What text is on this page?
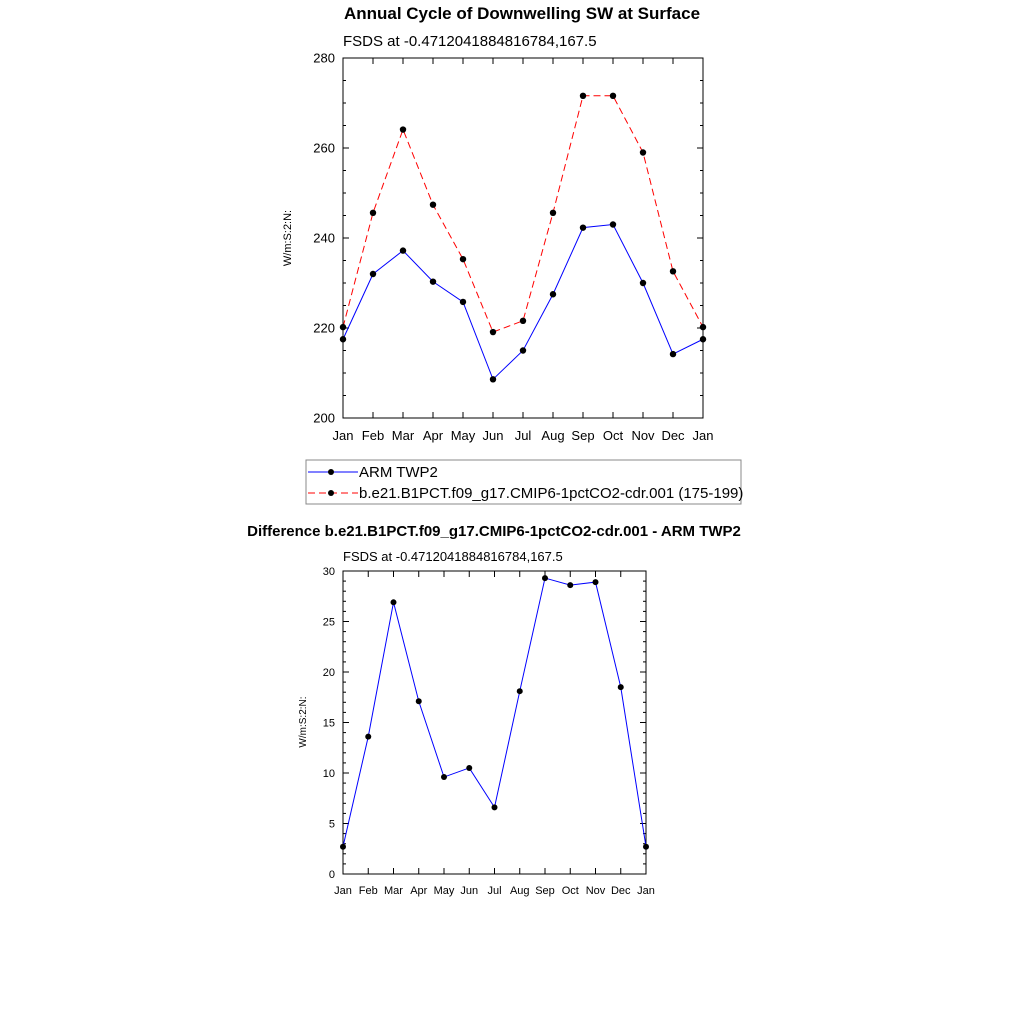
Annual Cycle of Downwelling SW at Surface
FSDS at -0.4712041884816784,167.5
W/m:S:2:N:
200
220
240
260
280
Jan Feb Mar Apr May Jun Jul Aug Sep Oct Nov Dec Jan
ARM TWP2
b.e21.B1PCT.f09_g17.CMIP6-1pctCO2-cdr.001 (175-199)
Difference b.e21.B1PCT.f09_g17.CMIP6-1pctCO2-cdr.001 - ARM TWP2
FSDS at -0.4712041884816784,167.5
W/m:S:2:N:
0
5
10
15
20
25
30
Jan Feb Mar Apr May Jun Jul Aug Sep Oct Nov Dec Jan
